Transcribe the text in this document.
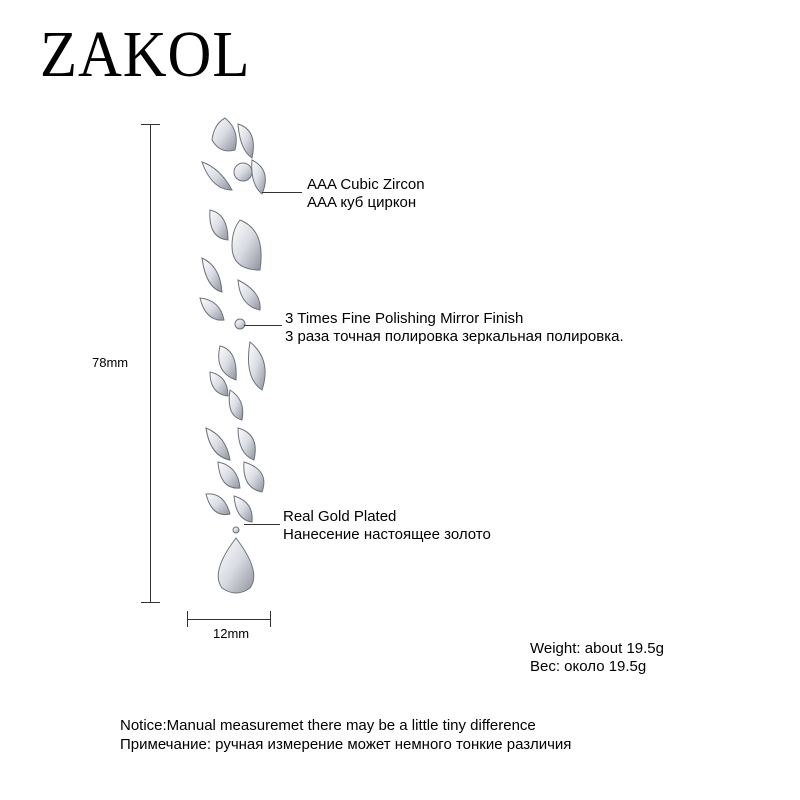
ZAKOL
78mm
12mm
AAA Cubic Zircon
AAA куб циркон
3 Times Fine Polishing Mirror Finish
3 раза точная полировка зеркальная полировка.
Real Gold Plated
Нанесение настоящее золото
Weight: about 19.5g
Вес: около 19.5g
Notice:Manual measuremet there may be a little tiny difference
Примечание: ручная измерение может немного тонкие различия
